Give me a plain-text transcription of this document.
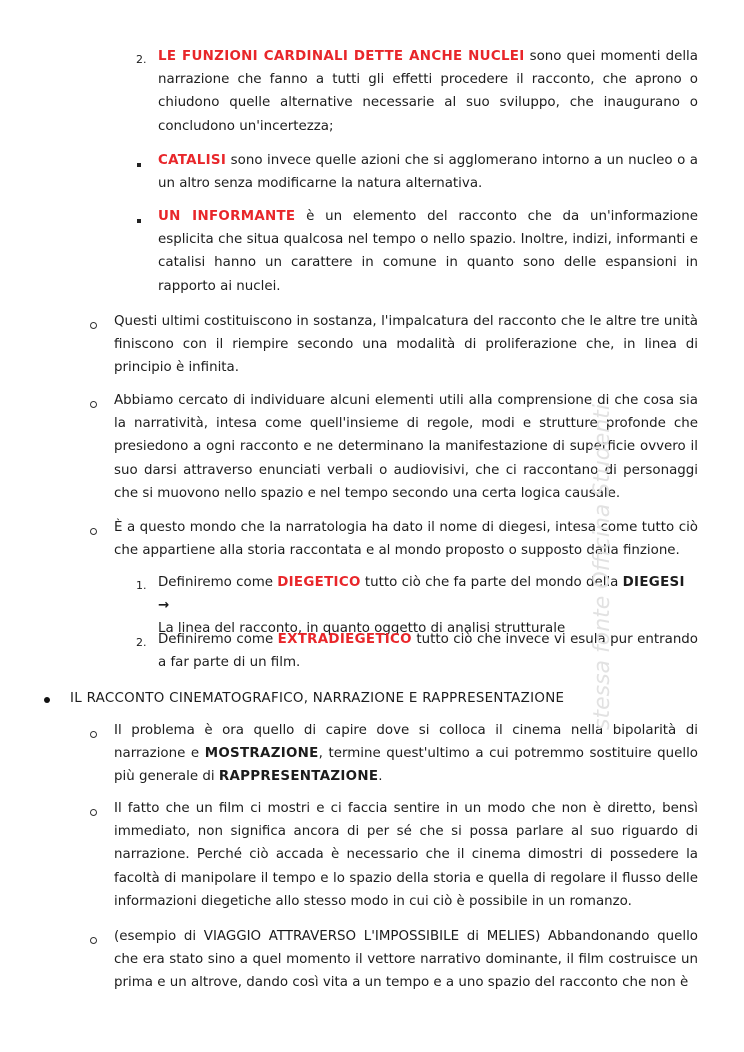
2. LE FUNZIONI CARDINALI DETTE ANCHE NUCLEI sono quei momenti della narrazione che fanno a tutti gli effetti procedere il racconto, che aprono o chiudono quelle alternative necessarie al suo sviluppo, che inaugurano o concludono un'incertezza;
CATALISI sono invece quelle azioni che si agglomerano intorno a un nucleo o a un altro senza modificarne la natura alternativa.
UN INFORMANTE è un elemento del racconto che da un'informazione esplicita che situa qualcosa nel tempo o nello spazio. Inoltre, indizi, informanti e catalisi hanno un carattere in comune in quanto sono delle espansioni in rapporto ai nuclei.
Questi ultimi costituiscono in sostanza, l'impalcatura del racconto che le altre tre unità finiscono con il riempire secondo una modalità di proliferazione che, in linea di principio è infinita.
Abbiamo cercato di individuare alcuni elementi utili alla comprensione di che cosa sia la narratività, intesa come quell'insieme di regole, modi e strutture profonde che presiedono a ogni racconto e ne determinano la manifestazione di superficie ovvero il suo darsi attraverso enunciati verbali o audiovisivi, che ci raccontano di personaggi che si muovono nello spazio e nel tempo secondo una certa logica causale.
È a questo mondo che la narratologia ha dato il nome di diegesi, intesa come tutto ciò che appartiene alla storia raccontata e al mondo proposto o supposto dalla finzione.
1. Definiremo come DIEGETICO tutto ciò che fa parte del mondo della DIEGESI →
La linea del racconto, in quanto oggetto di analisi strutturale
2. Definiremo come EXTRADIEGETICO tutto ciò che invece vi esula pur entrando a far parte di un film.
IL RACCONTO CINEMATOGRAFICO, NARRAZIONE E RAPPRESENTAZIONE
Il problema è ora quello di capire dove si colloca il cinema nella bipolarità di narrazione e MOSTRAZIONE, termine quest'ultimo a cui potremmo sostituire quello più generale di RAPPRESENTAZIONE.
Il fatto che un film ci mostri e ci faccia sentire in un modo che non è diretto, bensì immediato, non significa ancora di per sé che si possa parlare al suo riguardo di narrazione. Perché ciò accada è necessario che il cinema dimostri di possedere la facoltà di manipolare il tempo e lo spazio della storia e quella di regolare il flusso delle informazioni diegetiche allo stesso modo in cui ciò è possibile in un romanzo.
(esempio di VIAGGIO ATTRAVERSO L'IMPOSSIBILE di MELIES) Abbandonando quello che era stato sino a quel momento il vettore narrativo dominante, il film costruisce un prima e un altrove, dando così vita a un tempo e a uno spazio del racconto che non è
stessa fonte Officina Studenti
